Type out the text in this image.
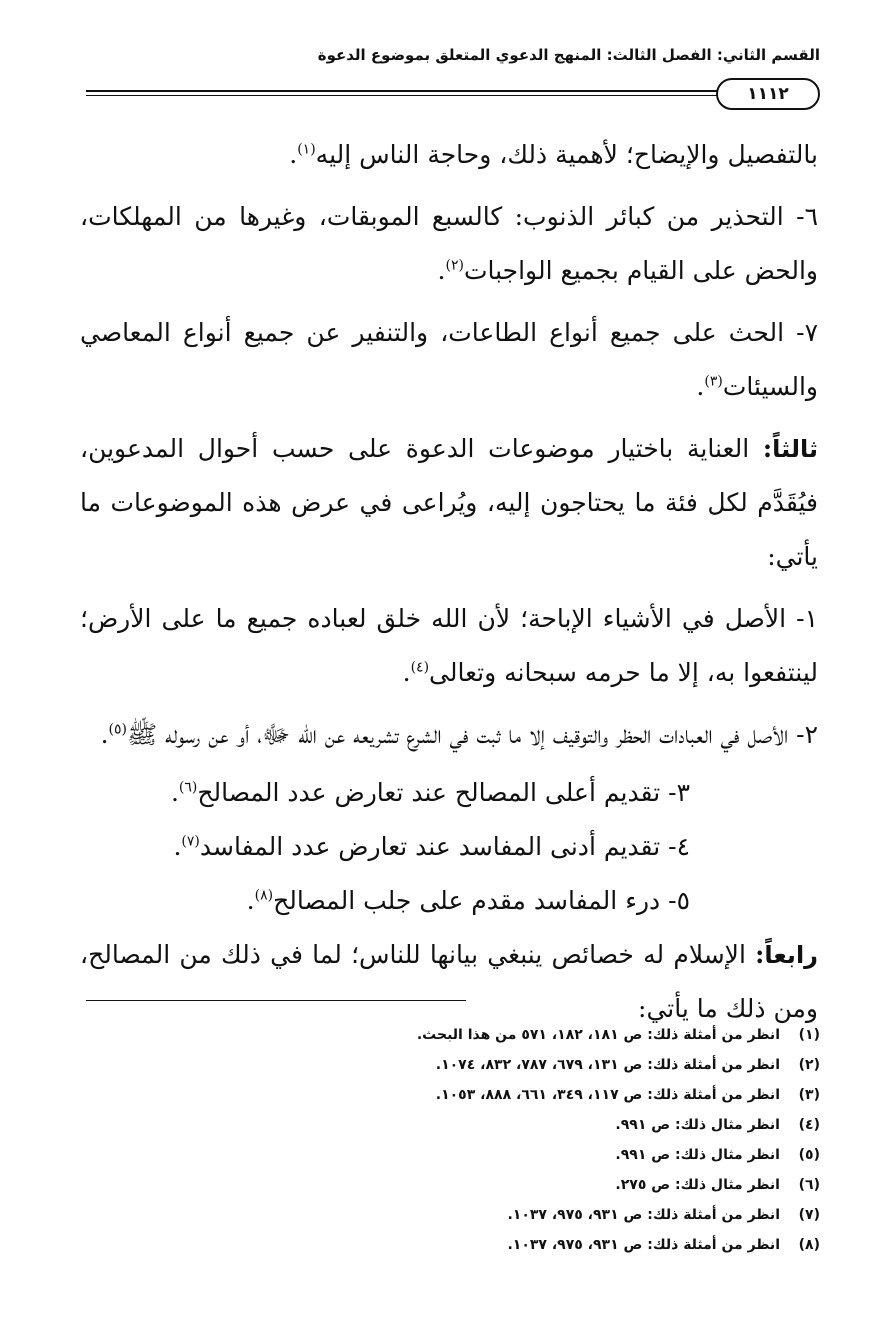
القسم الثاني: الفصل الثالث: المنهج الدعوي المتعلق بموضوع الدعوة
١١١٢

بالتفصيل والإيضاح؛ لأهمية ذلك، وحاجة الناس إليه$^{(١)}$.

٦- التحذير من كبائر الذنوب: كالسبع الموبقات، وغيرها من المهلكات، والحض على القيام بجميع الواجبات$^{(٢)}$.

٧- الحث على جميع أنواع الطاعات، والتنفير عن جميع أنواع المعاصي والسيئات$^{(٣)}$.

ثالثاً: العناية باختيار موضوعات الدعوة على حسب أحوال المدعوين، فيُقَدَّم لكل فئة ما يحتاجون إليه، ويُراعى في عرض هذه الموضوعات ما يأتي:

١- الأصل في الأشياء الإباحة؛ لأن الله خلق لعباده جميع ما على الأرض؛ لينتفعوا به، إلا ما حرمه سبحانه وتعالى$^{(٤)}$.

٢- الأصل في العبادات الحظر والتوقيف إلا ما ثبت في الشرع تشريعه عن الله ﷻ، أو عن رسوله ﷺ$^{(٥)}$.

٣- تقديم أعلى المصالح عند تعارض عدد المصالح$^{(٦)}$.

٤- تقديم أدنى المفاسد عند تعارض عدد المفاسد$^{(٧)}$.

٥- درء المفاسد مقدم على جلب المصالح$^{(٨)}$.

رابعاً: الإسلام له خصائص ينبغي بيانها للناس؛ لما في ذلك من المصالح، ومن ذلك ما يأتي:

(١)انظر من أمثلة ذلك: ص ١٨١، ١٨٢، ٥٧١ من هذا البحث.
(٢)انظر من أمثلة ذلك: ص ١٣١، ٦٧٩، ٧٨٧، ٨٣٢، ١٠٧٤.
(٣)انظر من أمثلة ذلك: ص ١١٧، ٣٤٩، ٦٦١، ٨٨٨، ١٠٥٣.
(٤)انظر مثال ذلك: ص ٩٩١.
(٥)انظر مثال ذلك: ص ٩٩١.
(٦)انظر مثال ذلك: ص ٢٧٥.
(٧)انظر من أمثلة ذلك: ص ٩٣١، ٩٧٥، ١٠٣٧.
(٨)انظر من أمثلة ذلك: ص ٩٣١، ٩٧٥، ١٠٣٧.
